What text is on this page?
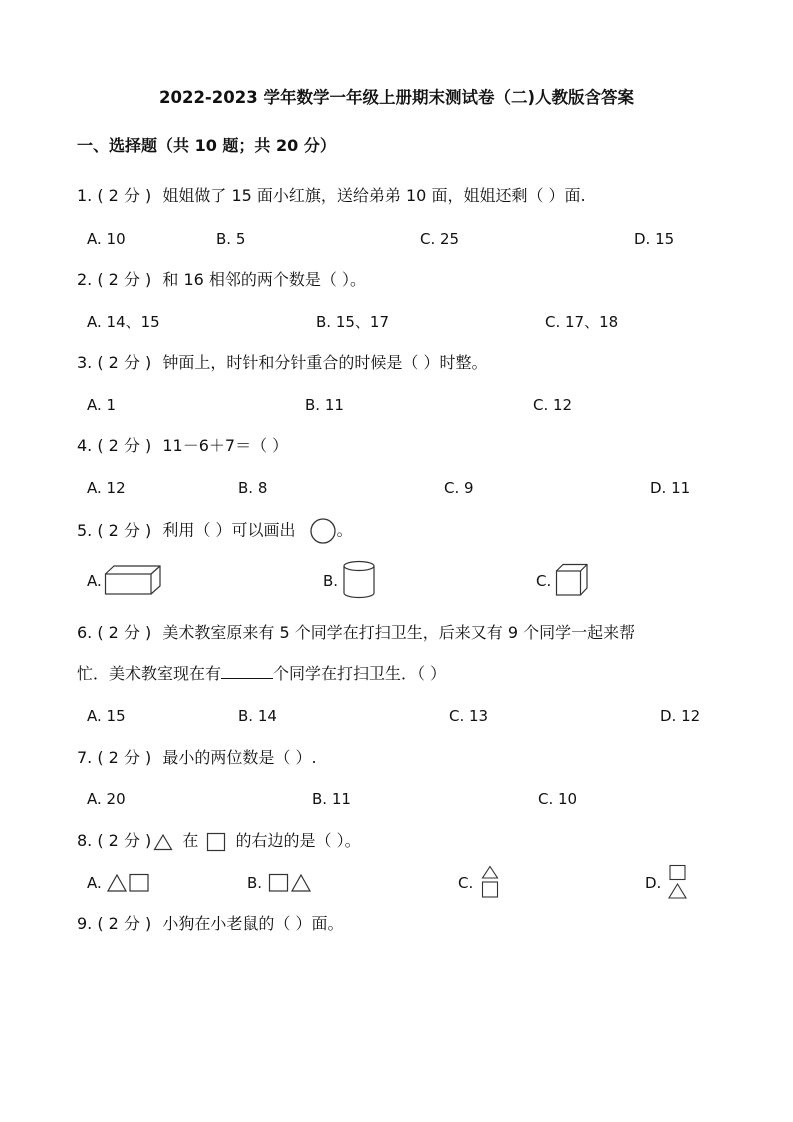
2022-2023 学年数学一年级上册期末测试卷（二)人教版含答案
一、选择题（共 10 题；共 20 分）
1. ( 2 分 ) 姐姐做了 15 面小红旗，送给弟弟 10 面，姐姐还剩（ ）面.
A. 10	B. 5	C. 25	D. 15
2. ( 2 分 ) 和 16 相邻的两个数是（ ）。
A. 14、15	B. 15、17	C. 17、18
3. ( 2 分 ) 钟面上，时针和分针重合的时候是（ ）时整。
A. 1	B. 11	C. 12
4. ( 2 分 ) 11－6＋7＝（ ）
A. 12	B. 8	C. 9	D. 11
5. ( 2 分 ) 利用（ ）可以画出	。
A.	B.	C.
6. ( 2 分 ) 美术教室原来有 5 个同学在打扫卫生，后来又有 9 个同学一起来帮
忙．美术教室现在有	个同学在打扫卫生．（ ）
A. 15	B. 14	C. 13	D. 12
7. ( 2 分 ) 最小的两位数是（ ）.
A. 20	B. 11	C. 10
8. ( 2 分 ) 在 的右边的是（ ）。
A.	B.	C.	D.
9. ( 2 分 ) 小狗在小老鼠的（ ）面。
